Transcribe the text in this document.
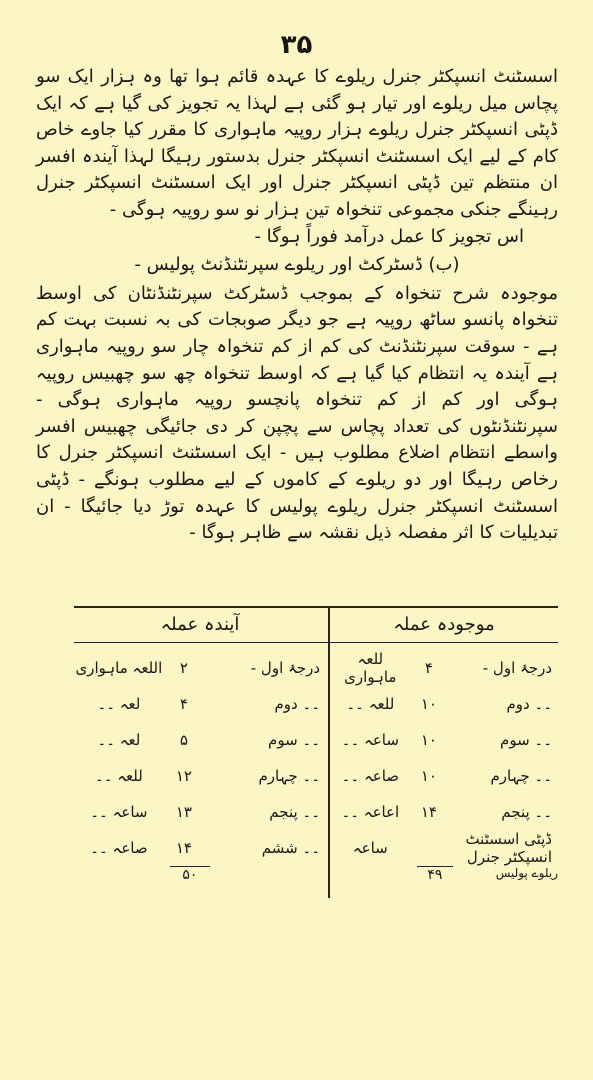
۳۵

اسسٹنٹ انسپکٹر جنرل ریلوے کا عہدہ قائم ہوا تھا وہ ہزار ایک سو پچاس میل ریلوے اور تیار ہو گئی ہے لہذا یہ تجویز کی گیا ہے کہ ایک ڈپٹی انسپکٹر جنرل ریلوے ہزار روپیہ ماہواری کا مقرر کیا جاوے خاص کام کے لیے ایک اسسٹنٹ انسپکٹر جنرل بدستور رہیگا لہذا آیندہ افسر ان منتظم تین ڈپٹی انسپکٹر جنرل اور ایک اسسٹنٹ انسپکٹر جنرل رہینگے جنکی مجموعی تنخواہ تین ہزار نو سو روپیہ ہوگی -

اس تجویز کا عمل درآمد فوراً ہوگا -

(ب) ڈسٹرکٹ اور ریلوے سپرنٹنڈنٹ پولیس -

موجودہ شرح تنخواہ کے بموجب ڈسٹرکٹ سپرنٹنڈنٹان کی اوسط تنخواہ پانسو ساٹھ روپیہ ہے جو دیگر صوبجات کی بہ نسبت بہت کم ہے - سوقت سپرنٹنڈنٹ کی کم از کم تنخواہ چار سو روپیہ ماہواری ہے آیندہ یہ انتظام کیا گیا ہے کہ اوسط تنخواہ چھ سو چھبیس روپیہ ہوگی اور کم از کم تنخواہ پانچسو روپیہ ماہواری ہوگی - سپرنٹنڈنٹوں کی تعداد پچاس سے پچپن کر دی جائیگی چھبیس افسر واسطے انتظام اضلاع مطلوب ہیں - ایک اسسٹنٹ انسپکٹر جنرل کا رخاص رہیگا اور دو ریلوے کے کاموں کے لیے مطلوب ہونگے - ڈپٹی اسسٹنٹ انسپکٹر جنرل ریلوے پولیس کا عہدہ توڑ دیا جائیگا - ان تبدیلیات کا اثر مفصلہ ذیل نقشہ سے ظاہر ہوگا -

موجودہ عملہ
درجۂ اول -
۴
للعہ ماہواری
۔۔ دوم
۱۰
للعہ ۔۔
۔۔ سوم
۱۰
ساعہ ۔۔
۔۔ چہارم
۱۰
صاعہ ۔۔
۔۔ پنجم
۱۴
اعاعہ ۔۔
ڈپٹی اسسٹنٹ انسپکٹر جنرل
ساعہ
ریلوے پولیس
۴۹
آیندہ عملہ
درجۂ اول -
۲
اللعہ ماہواری
۔۔ دوم
۴
لعہ ۔۔
۔۔ سوم
۵
لعہ ۔۔
۔۔ چہارم
۱۲
للعہ ۔۔
۔۔ پنجم
۱۳
ساعہ ۔۔
۔۔ ششم
۱۴
صاعہ ۔۔
۵۰
